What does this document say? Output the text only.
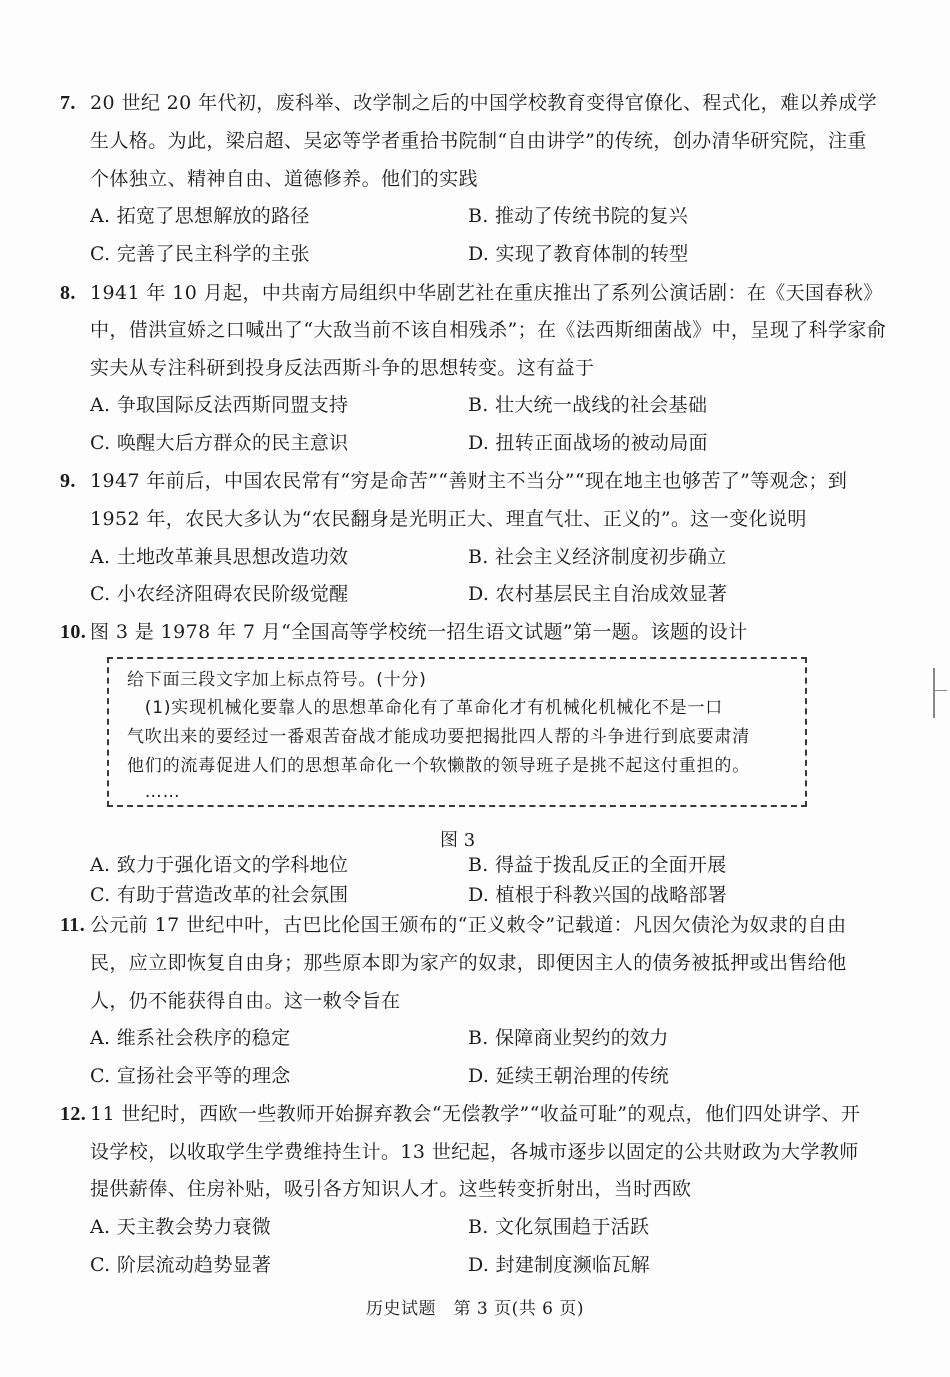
7. 20 世纪 20 年代初，废科举、改学制之后的中国学校教育变得官僚化、程式化，难以养成学
生人格。为此，梁启超、吴宓等学者重拾书院制“自由讲学”的传统，创办清华研究院，注重
个体独立、精神自由、道德修养。他们的实践
A. 拓宽了思想解放的路径	B. 推动了传统书院的复兴
C. 完善了民主科学的主张	D. 实现了教育体制的转型
8. 1941 年 10 月起，中共南方局组织中华剧艺社在重庆推出了系列公演话剧：在《天国春秋》
中，借洪宣娇之口喊出了“大敌当前不该自相残杀”；在《法西斯细菌战》中，呈现了科学家俞
实夫从专注科研到投身反法西斯斗争的思想转变。这有益于
A. 争取国际反法西斯同盟支持	B. 壮大统一战线的社会基础
C. 唤醒大后方群众的民主意识	D. 扭转正面战场的被动局面
9. 1947 年前后，中国农民常有“穷是命苦”“善财主不当分”“现在地主也够苦了”等观念；到
1952 年，农民大多认为“农民翻身是光明正大、理直气壮、正义的”。这一变化说明
A. 土地改革兼具思想改造功效	B. 社会主义经济制度初步确立
C. 小农经济阻碍农民阶级觉醒	D. 农村基层民主自治成效显著
10. 图 3 是 1978 年 7 月“全国高等学校统一招生语文试题”第一题。该题的设计
给下面三段文字加上标点符号。(十分)
　(1)实现机械化要靠人的思想革命化有了革命化才有机械化机械化不是一口
气吹出来的要经过一番艰苦奋战才能成功要把揭批四人帮的斗争进行到底要肃清
他们的流毒促进人们的思想革命化一个软懒散的领导班子是挑不起这付重担的。
　……
图 3
A. 致力于强化语文的学科地位	B. 得益于拨乱反正的全面开展
C. 有助于营造改革的社会氛围	D. 植根于科教兴国的战略部署
11. 公元前 17 世纪中叶，古巴比伦国王颁布的“正义敕令”记载道：凡因欠债沦为奴隶的自由
民，应立即恢复自由身；那些原本即为家产的奴隶，即便因主人的债务被抵押或出售给他
人，仍不能获得自由。这一敕令旨在
A. 维系社会秩序的稳定	B. 保障商业契约的效力
C. 宣扬社会平等的理念	D. 延续王朝治理的传统
12. 11 世纪时，西欧一些教师开始摒弃教会“无偿教学”“收益可耻”的观点，他们四处讲学、开
设学校，以收取学生学费维持生计。13 世纪起，各城市逐步以固定的公共财政为大学教师
提供薪俸、住房补贴，吸引各方知识人才。这些转变折射出，当时西欧
A. 天主教会势力衰微	B. 文化氛围趋于活跃
C. 阶层流动趋势显著	D. 封建制度濒临瓦解
历史试题　第 3 页(共 6 页)
